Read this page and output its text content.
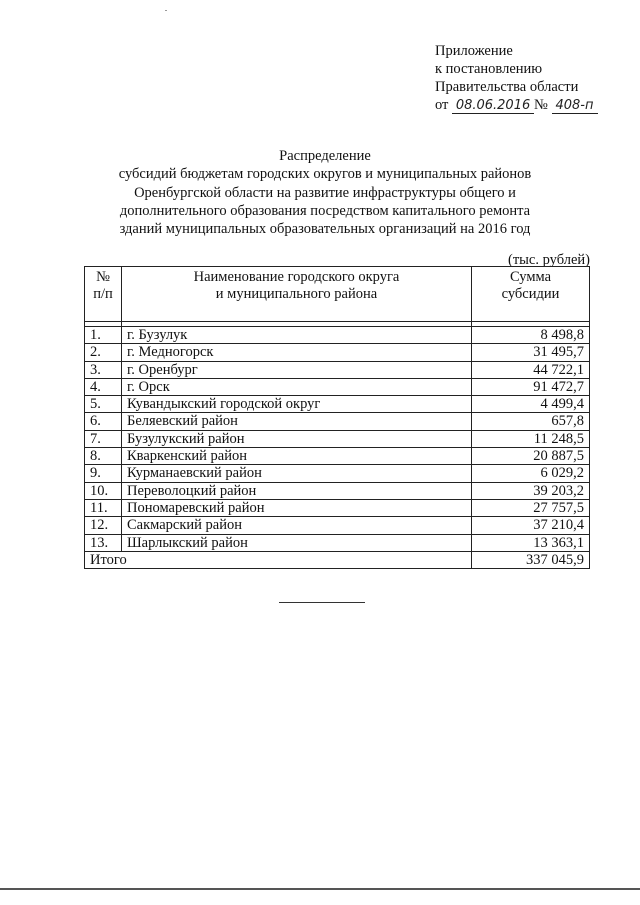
Приложение
к постановлению
Правительства области
от 08.06.2016 № 408-п
Распределение
субсидий бюджетам городских округов и муниципальных районов
Оренбургской области на развитие инфраструктуры общего и
дополнительного образования посредством капитального ремонта
зданий муниципальных образовательных организаций на 2016 год
(тыс. рублей)
№
п/п	Наименование городского округа
и муниципального района	Сумма
субсидии

1.	г. Бузулук	8 498,8
2.	г. Медногорск	31 495,7
3.	г. Оренбург	44 722,1
4.	г. Орск	91 472,7
5.	Кувандыкский городской округ	4 499,4
6.	Беляевский район	657,8
7.	Бузулукский район	11 248,5
8.	Кваркенский район	20 887,5
9.	Курманаевский район	6 029,2
10.	Переволоцкий район	39 203,2
11.	Пономаревский район	27 757,5
12.	Сакмарский район	37 210,4
13.	Шарлыкский район	13 363,1
Итого		337 045,9
